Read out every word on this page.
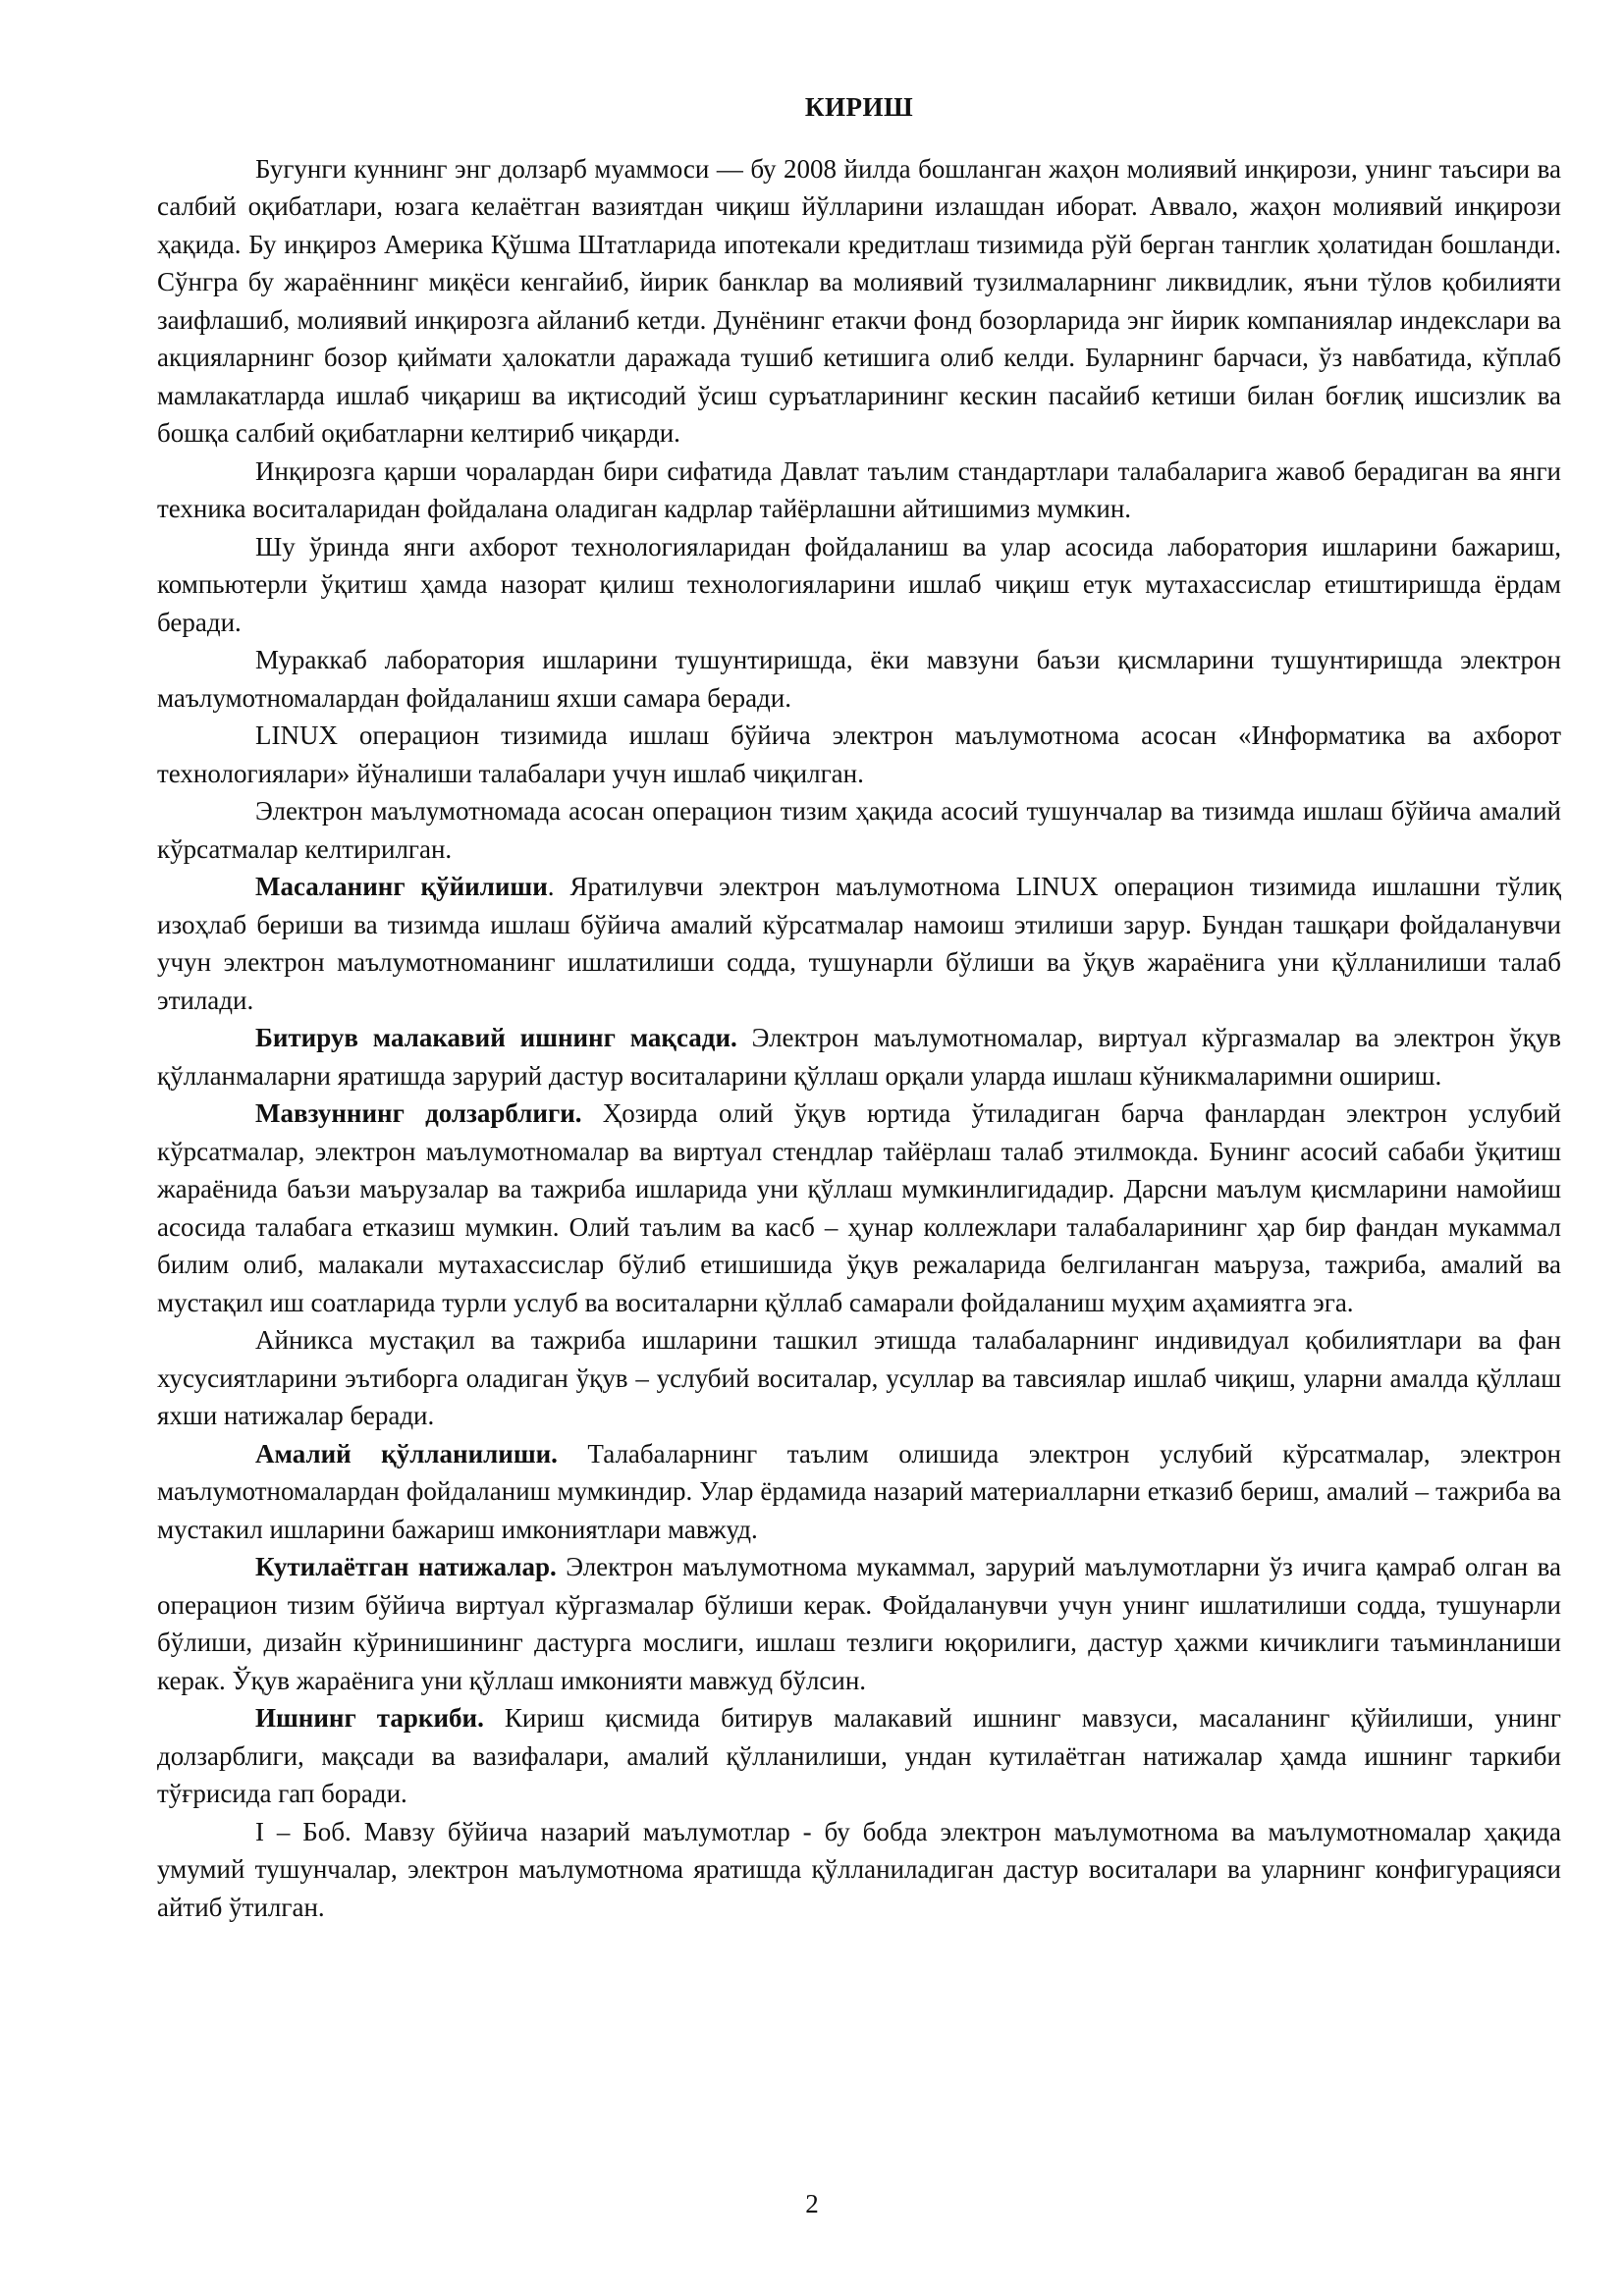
КИРИШ

Бугунги куннинг энг долзарб муаммоси — бу 2008 йилда бошланган жаҳон молиявий инқирози, унинг таъсири ва салбий оқибатлари, юзага келаётган вазиятдан чиқиш йўлларини излашдан иборат. Аввало, жаҳон молиявий инқирози ҳақида. Бу инқироз Америка Қўшма Штатларида ипотекали кредитлаш тизимида рўй берган танглик ҳолатидан бошланди. Сўнгра бу жараённинг миқёси кенгайиб, йирик банклар ва молиявий тузилмаларнинг ликвидлик, яъни тўлов қобилияти заифлашиб, молиявий инқирозга айланиб кетди. Дунёнинг етакчи фонд бозорларида энг йирик компаниялар индекслари ва акцияларнинг бозор қиймати ҳалокатли даражада тушиб кетишига олиб келди. Буларнинг барчаси, ўз навбатида, кўплаб мамлакатларда ишлаб чиқариш ва иқтисодий ўсиш суръатларининг кескин пасайиб кетиши билан боғлиқ ишсизлик ва бошқа салбий оқибатларни келтириб чиқарди.

Инқирозга қарши чоралардан бири сифатида Давлат таълим стандартлари талабаларига жавоб берадиган ва янги техника воситаларидан фойдалана оладиган кадрлар тайёрлашни айтишимиз мумкин.

Шу ўринда янги ахборот технологияларидан фойдаланиш ва улар асосида лаборатория ишларини бажариш, компьютерли ўқитиш ҳамда назорат қилиш технологияларини ишлаб чиқиш етук мутахассислар етиштиришда ёрдам беради.

Мураккаб лаборатория ишларини тушунтиришда, ёки мавзуни баъзи қисмларини тушунтиришда электрон маълумотномалардан фойдаланиш яхши самара беради.

LINUX операцион тизимида ишлаш бўйича электрон маълумотнома асосан «Информатика ва ахборот технологиялари» йўналиши талабалари учун ишлаб чиқилган.

Электрон маълумотномада асосан операцион тизим ҳақида асосий тушунчалар ва тизимда ишлаш бўйича амалий кўрсатмалар келтирилган.

Масаланинг қўйилиши. Яратилувчи электрон маълумотнома LINUX операцион тизимида ишлашни тўлиқ изоҳлаб бериши ва тизимда ишлаш бўйича амалий кўрсатмалар намоиш этилиши зарур. Бундан ташқари фойдаланувчи учун электрон маълумотноманинг ишлатилиши содда, тушунарли бўлиши ва ўқув жараёнига уни қўлланилиши талаб этилади.

Битирув малакавий ишнинг мақсади. Электрон маълумотномалар, виртуал кўргазмалар ва электрон ўқув қўлланмаларни яратишда зарурий дастур воситаларини қўллаш орқали уларда ишлаш кўникмаларимни ошириш.

Мавзуннинг долзарблиги. Ҳозирда олий ўқув юртида ўтиладиган барча фанлардан электрон услубий кўрсатмалар, электрон маълумотномалар ва виртуал стендлар тайёрлаш талаб этилмокда. Бунинг асосий сабаби ўқитиш жараёнида баъзи маърузалар ва тажриба ишларида уни қўллаш мумкинлигидадир. Дарсни маълум қисмларини намойиш асосида талабага етказиш мумкин. Олий таълим ва касб – ҳунар коллежлари талабаларининг ҳар бир фандан мукаммал билим олиб, малакали мутахассислар бўлиб етишишида ўқув режаларида белгиланган маъруза, тажриба, амалий ва мустақил иш соатларида турли услуб ва воситаларни қўллаб самарали фойдаланиш муҳим аҳамиятга эга.

Айникса мустақил ва тажриба ишларини ташкил этишда талабаларнинг индивидуал қобилиятлари ва фан хусусиятларини эътиборга оладиган ўқув – услубий воситалар, усуллар ва тавсиялар ишлаб чиқиш, уларни амалда қўллаш яхши натижалар беради.

Амалий қўлланилиши. Талабаларнинг таълим олишида электрон услубий кўрсатмалар, электрон маълумотномалардан фойдаланиш мумкиндир. Улар ёрдамида назарий материалларни етказиб бериш, амалий – тажриба ва мустакил ишларини бажариш имкониятлари мавжуд.

Кутилаётган натижалар. Электрон маълумотнома мукаммал, зарурий маълумотларни ўз ичига қамраб олган ва операцион тизим бўйича виртуал кўргазмалар бўлиши керак. Фойдаланувчи учун унинг ишлатилиши содда, тушунарли бўлиши, дизайн кўринишининг дастурга мослиги, ишлаш тезлиги юқорилиги, дастур ҳажми кичиклиги таъминланиши керак. Ўқув жараёнига уни қўллаш имконияти мавжуд бўлсин.

Ишнинг таркиби. Кириш қисмида битирув малакавий ишнинг мавзуси, масаланинг қўйилиши, унинг долзарблиги, мақсади ва вазифалари, амалий қўлланилиши, ундан кутилаётган натижалар ҳамда ишнинг таркиби тўғрисида гап боради.

I – Боб. Мавзу бўйича назарий маълумотлар - бу бобда электрон маълумотнома ва маълумотномалар ҳақида умумий тушунчалар, электрон маълумотнома яратишда қўлланиладиган дастур воситалари ва уларнинг конфигурацияси айтиб ўтилган.

2
